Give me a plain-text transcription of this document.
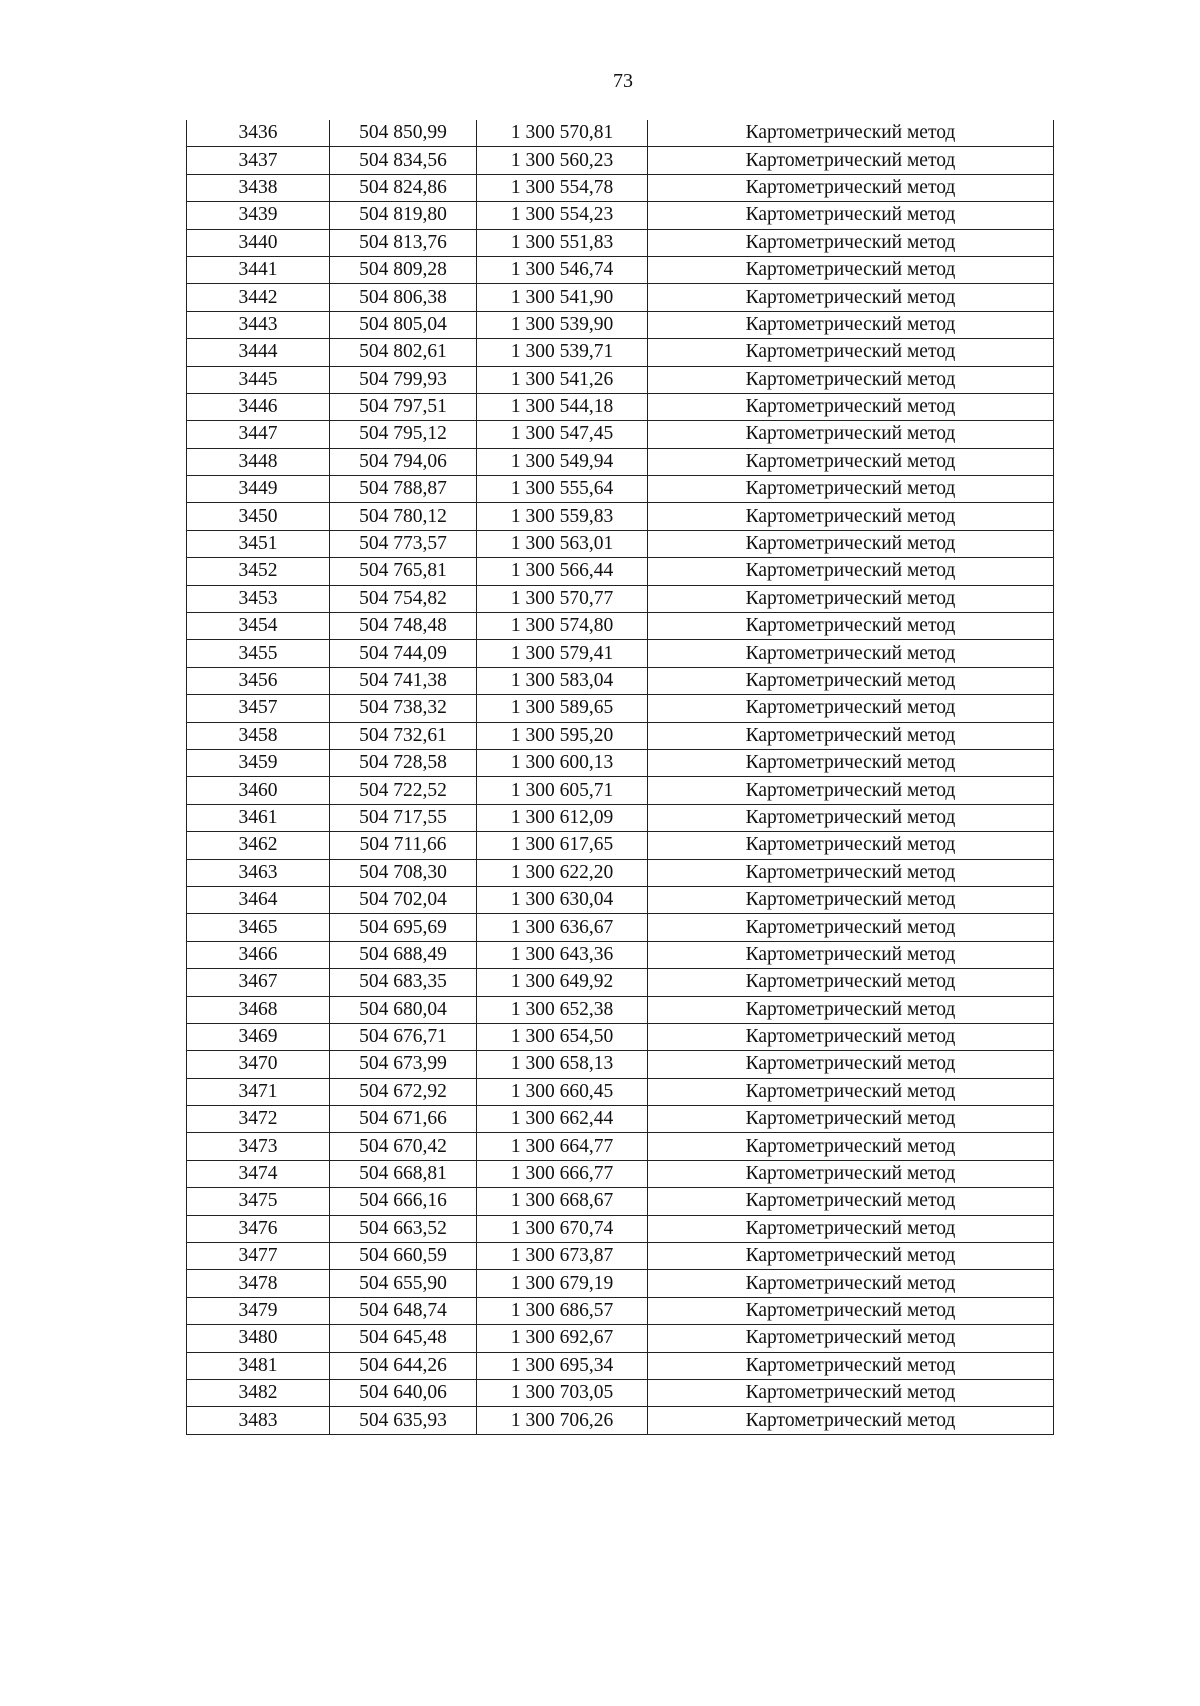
73
3436	504 850,99	1 300 570,81	Картометрический метод
3437	504 834,56	1 300 560,23	Картометрический метод
3438	504 824,86	1 300 554,78	Картометрический метод
3439	504 819,80	1 300 554,23	Картометрический метод
3440	504 813,76	1 300 551,83	Картометрический метод
3441	504 809,28	1 300 546,74	Картометрический метод
3442	504 806,38	1 300 541,90	Картометрический метод
3443	504 805,04	1 300 539,90	Картометрический метод
3444	504 802,61	1 300 539,71	Картометрический метод
3445	504 799,93	1 300 541,26	Картометрический метод
3446	504 797,51	1 300 544,18	Картометрический метод
3447	504 795,12	1 300 547,45	Картометрический метод
3448	504 794,06	1 300 549,94	Картометрический метод
3449	504 788,87	1 300 555,64	Картометрический метод
3450	504 780,12	1 300 559,83	Картометрический метод
3451	504 773,57	1 300 563,01	Картометрический метод
3452	504 765,81	1 300 566,44	Картометрический метод
3453	504 754,82	1 300 570,77	Картометрический метод
3454	504 748,48	1 300 574,80	Картометрический метод
3455	504 744,09	1 300 579,41	Картометрический метод
3456	504 741,38	1 300 583,04	Картометрический метод
3457	504 738,32	1 300 589,65	Картометрический метод
3458	504 732,61	1 300 595,20	Картометрический метод
3459	504 728,58	1 300 600,13	Картометрический метод
3460	504 722,52	1 300 605,71	Картометрический метод
3461	504 717,55	1 300 612,09	Картометрический метод
3462	504 711,66	1 300 617,65	Картометрический метод
3463	504 708,30	1 300 622,20	Картометрический метод
3464	504 702,04	1 300 630,04	Картометрический метод
3465	504 695,69	1 300 636,67	Картометрический метод
3466	504 688,49	1 300 643,36	Картометрический метод
3467	504 683,35	1 300 649,92	Картометрический метод
3468	504 680,04	1 300 652,38	Картометрический метод
3469	504 676,71	1 300 654,50	Картометрический метод
3470	504 673,99	1 300 658,13	Картометрический метод
3471	504 672,92	1 300 660,45	Картометрический метод
3472	504 671,66	1 300 662,44	Картометрический метод
3473	504 670,42	1 300 664,77	Картометрический метод
3474	504 668,81	1 300 666,77	Картометрический метод
3475	504 666,16	1 300 668,67	Картометрический метод
3476	504 663,52	1 300 670,74	Картометрический метод
3477	504 660,59	1 300 673,87	Картометрический метод
3478	504 655,90	1 300 679,19	Картометрический метод
3479	504 648,74	1 300 686,57	Картометрический метод
3480	504 645,48	1 300 692,67	Картометрический метод
3481	504 644,26	1 300 695,34	Картометрический метод
3482	504 640,06	1 300 703,05	Картометрический метод
3483	504 635,93	1 300 706,26	Картометрический метод
